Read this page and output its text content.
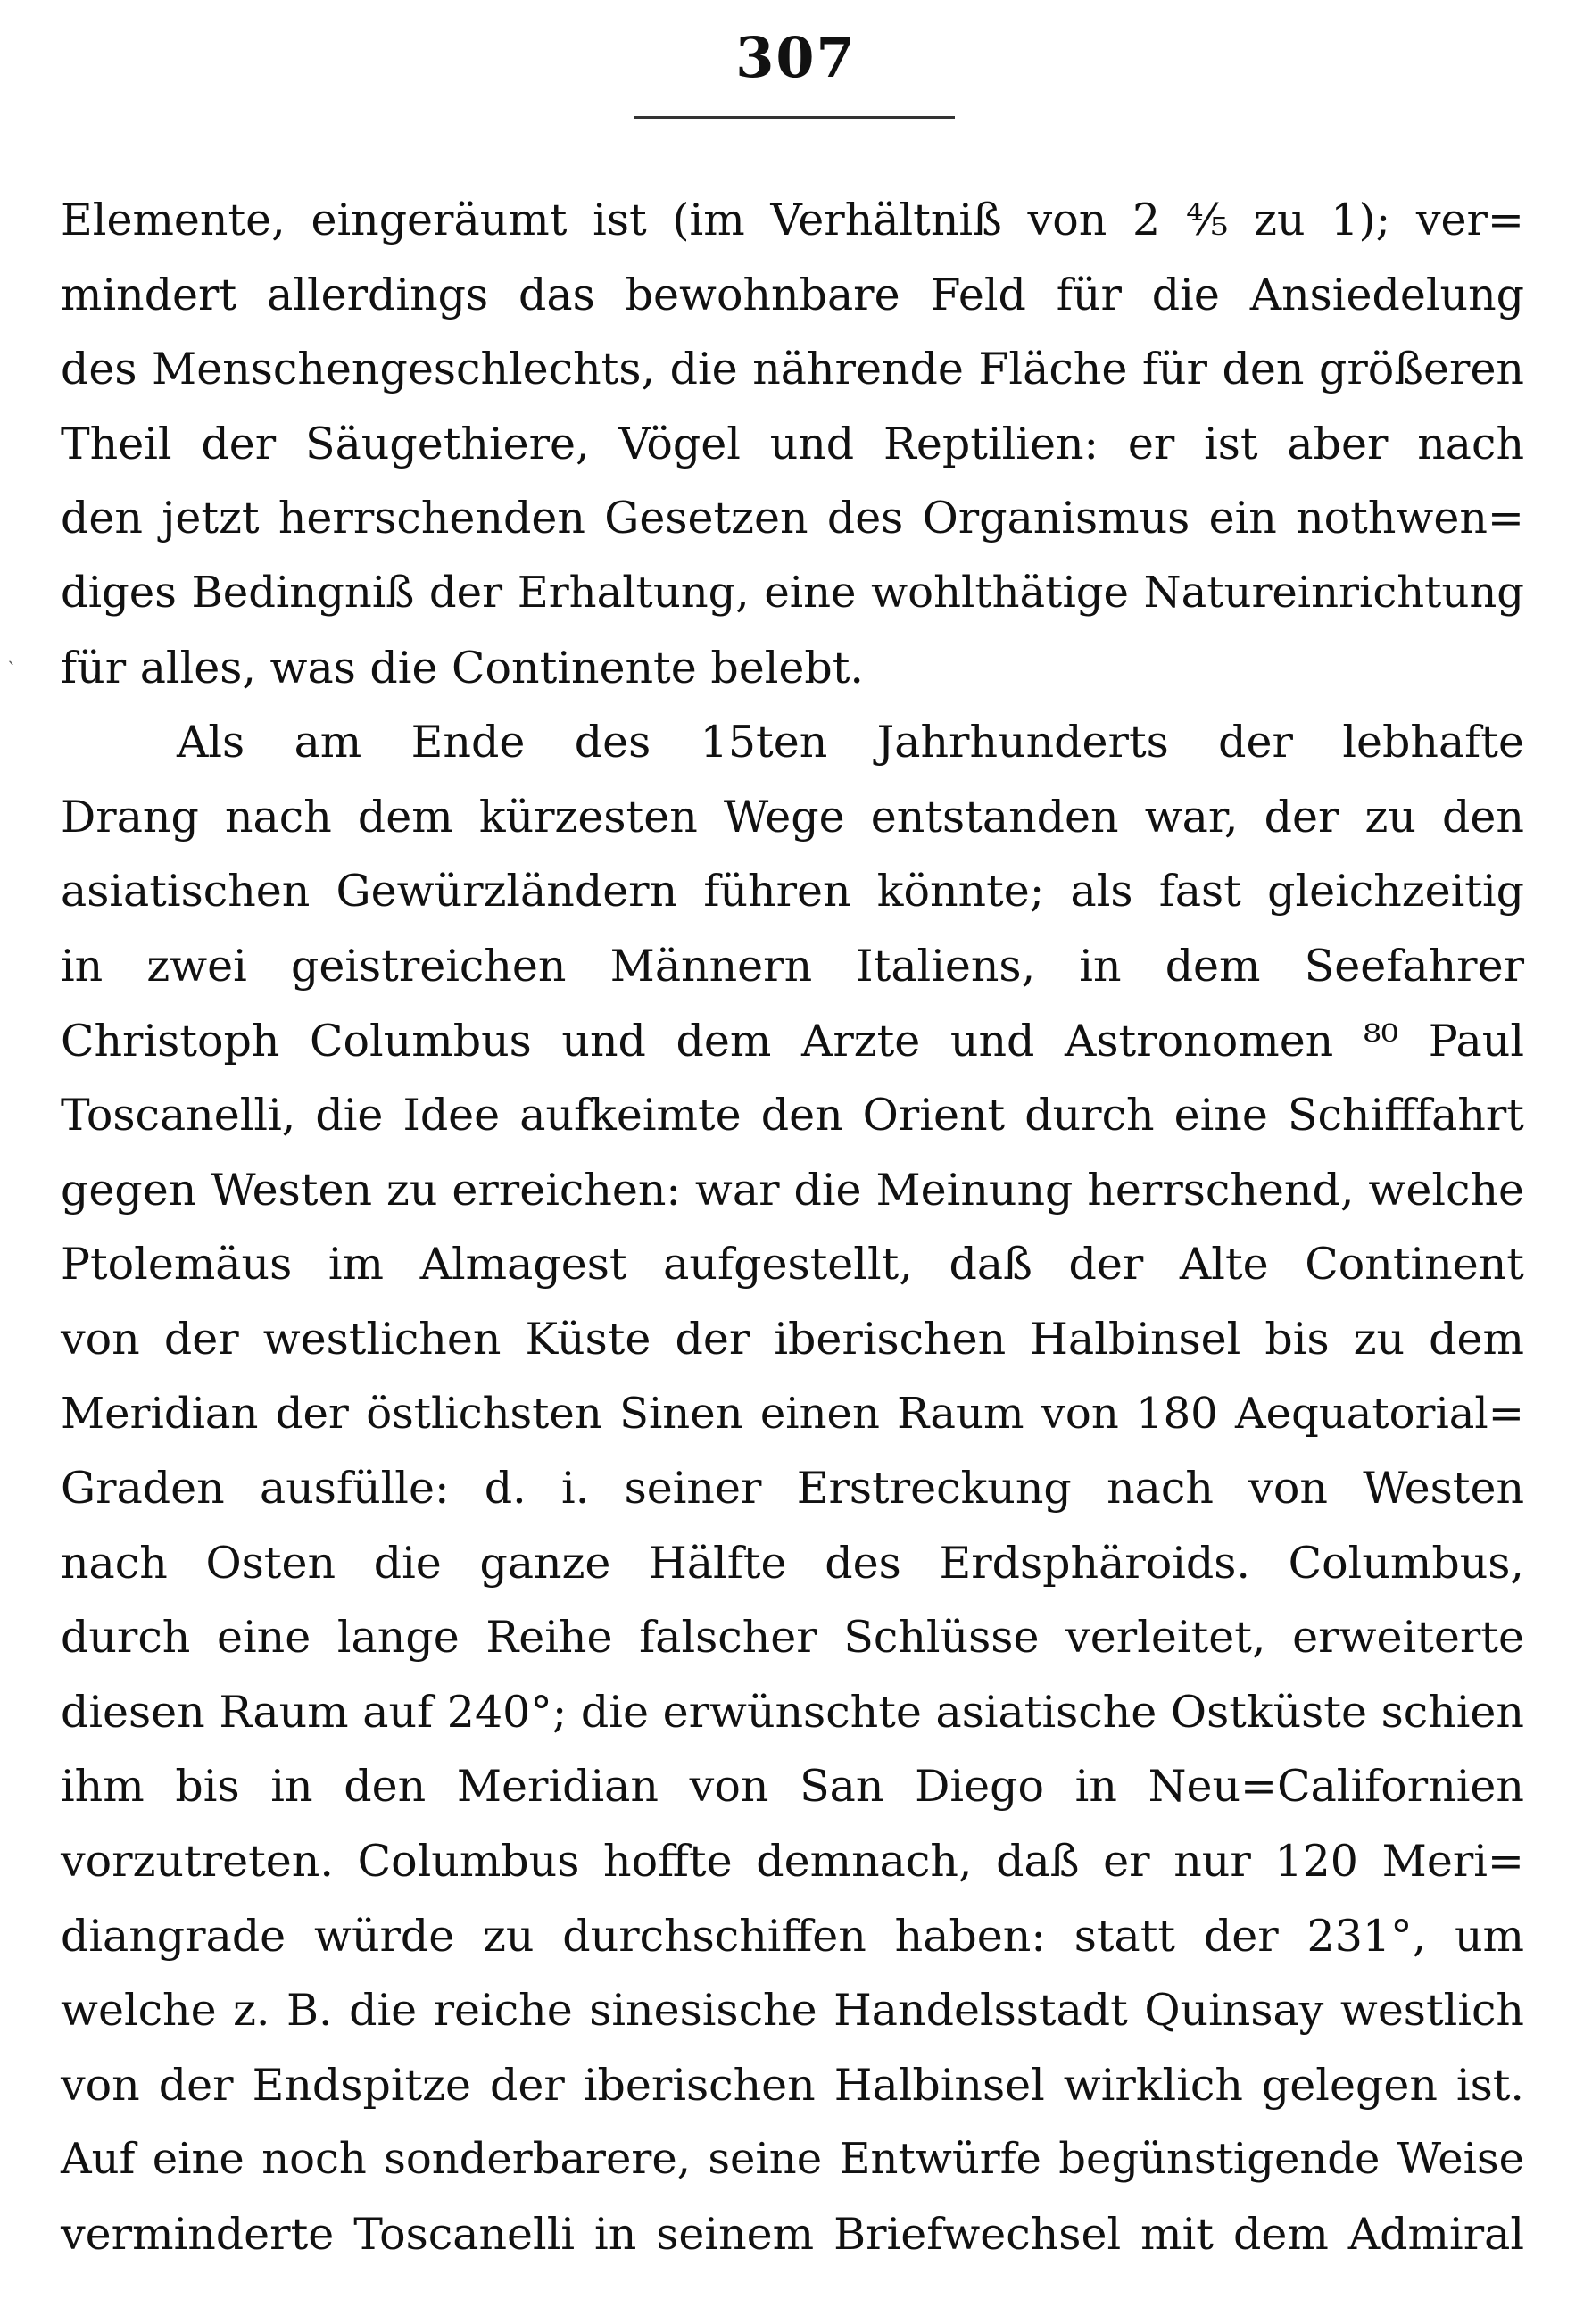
307
ˋ
Elemente, eingeräumt ist (im Verhältniß von 2 ⁴⁄₅ zu 1); ver=
mindert allerdings das bewohnbare Feld für die Ansiedelung
des Menschengeschlechts, die nährende Fläche für den größeren
Theil der Säugethiere, Vögel und Reptilien: er ist aber nach
den jetzt herrschenden Gesetzen des Organismus ein nothwen=
diges Bedingniß der Erhaltung, eine wohlthätige Natureinrichtung
für alles, was die Continente belebt.
Als am Ende des 15ten Jahrhunderts der lebhafte
Drang nach dem kürzesten Wege entstanden war, der zu den
asiatischen Gewürzländern führen könnte; als fast gleichzeitig
in zwei geistreichen Männern Italiens, in dem Seefahrer
Christoph Columbus und dem Arzte und Astronomen ⁸⁰ Paul
Toscanelli, die Idee aufkeimte den Orient durch eine Schifffahrt
gegen Westen zu erreichen: war die Meinung herrschend, welche
Ptolemäus im Almagest aufgestellt, daß der Alte Continent
von der westlichen Küste der iberischen Halbinsel bis zu dem
Meridian der östlichsten Sinen einen Raum von 180 Aequatorial=
Graden ausfülle: d. i. seiner Erstreckung nach von Westen
nach Osten die ganze Hälfte des Erdsphäroids. Columbus,
durch eine lange Reihe falscher Schlüsse verleitet, erweiterte
diesen Raum auf 240°; die erwünschte asiatische Ostküste schien
ihm bis in den Meridian von San Diego in Neu=Californien
vorzutreten. Columbus hoffte demnach, daß er nur 120 Meri=
diangrade würde zu durchschiffen haben: statt der 231°, um
welche z. B. die reiche sinesische Handelsstadt Quinsay westlich
von der Endspitze der iberischen Halbinsel wirklich gelegen ist.
Auf eine noch sonderbarere, seine Entwürfe begünstigende Weise
verminderte Toscanelli in seinem Briefwechsel mit dem Admiral
